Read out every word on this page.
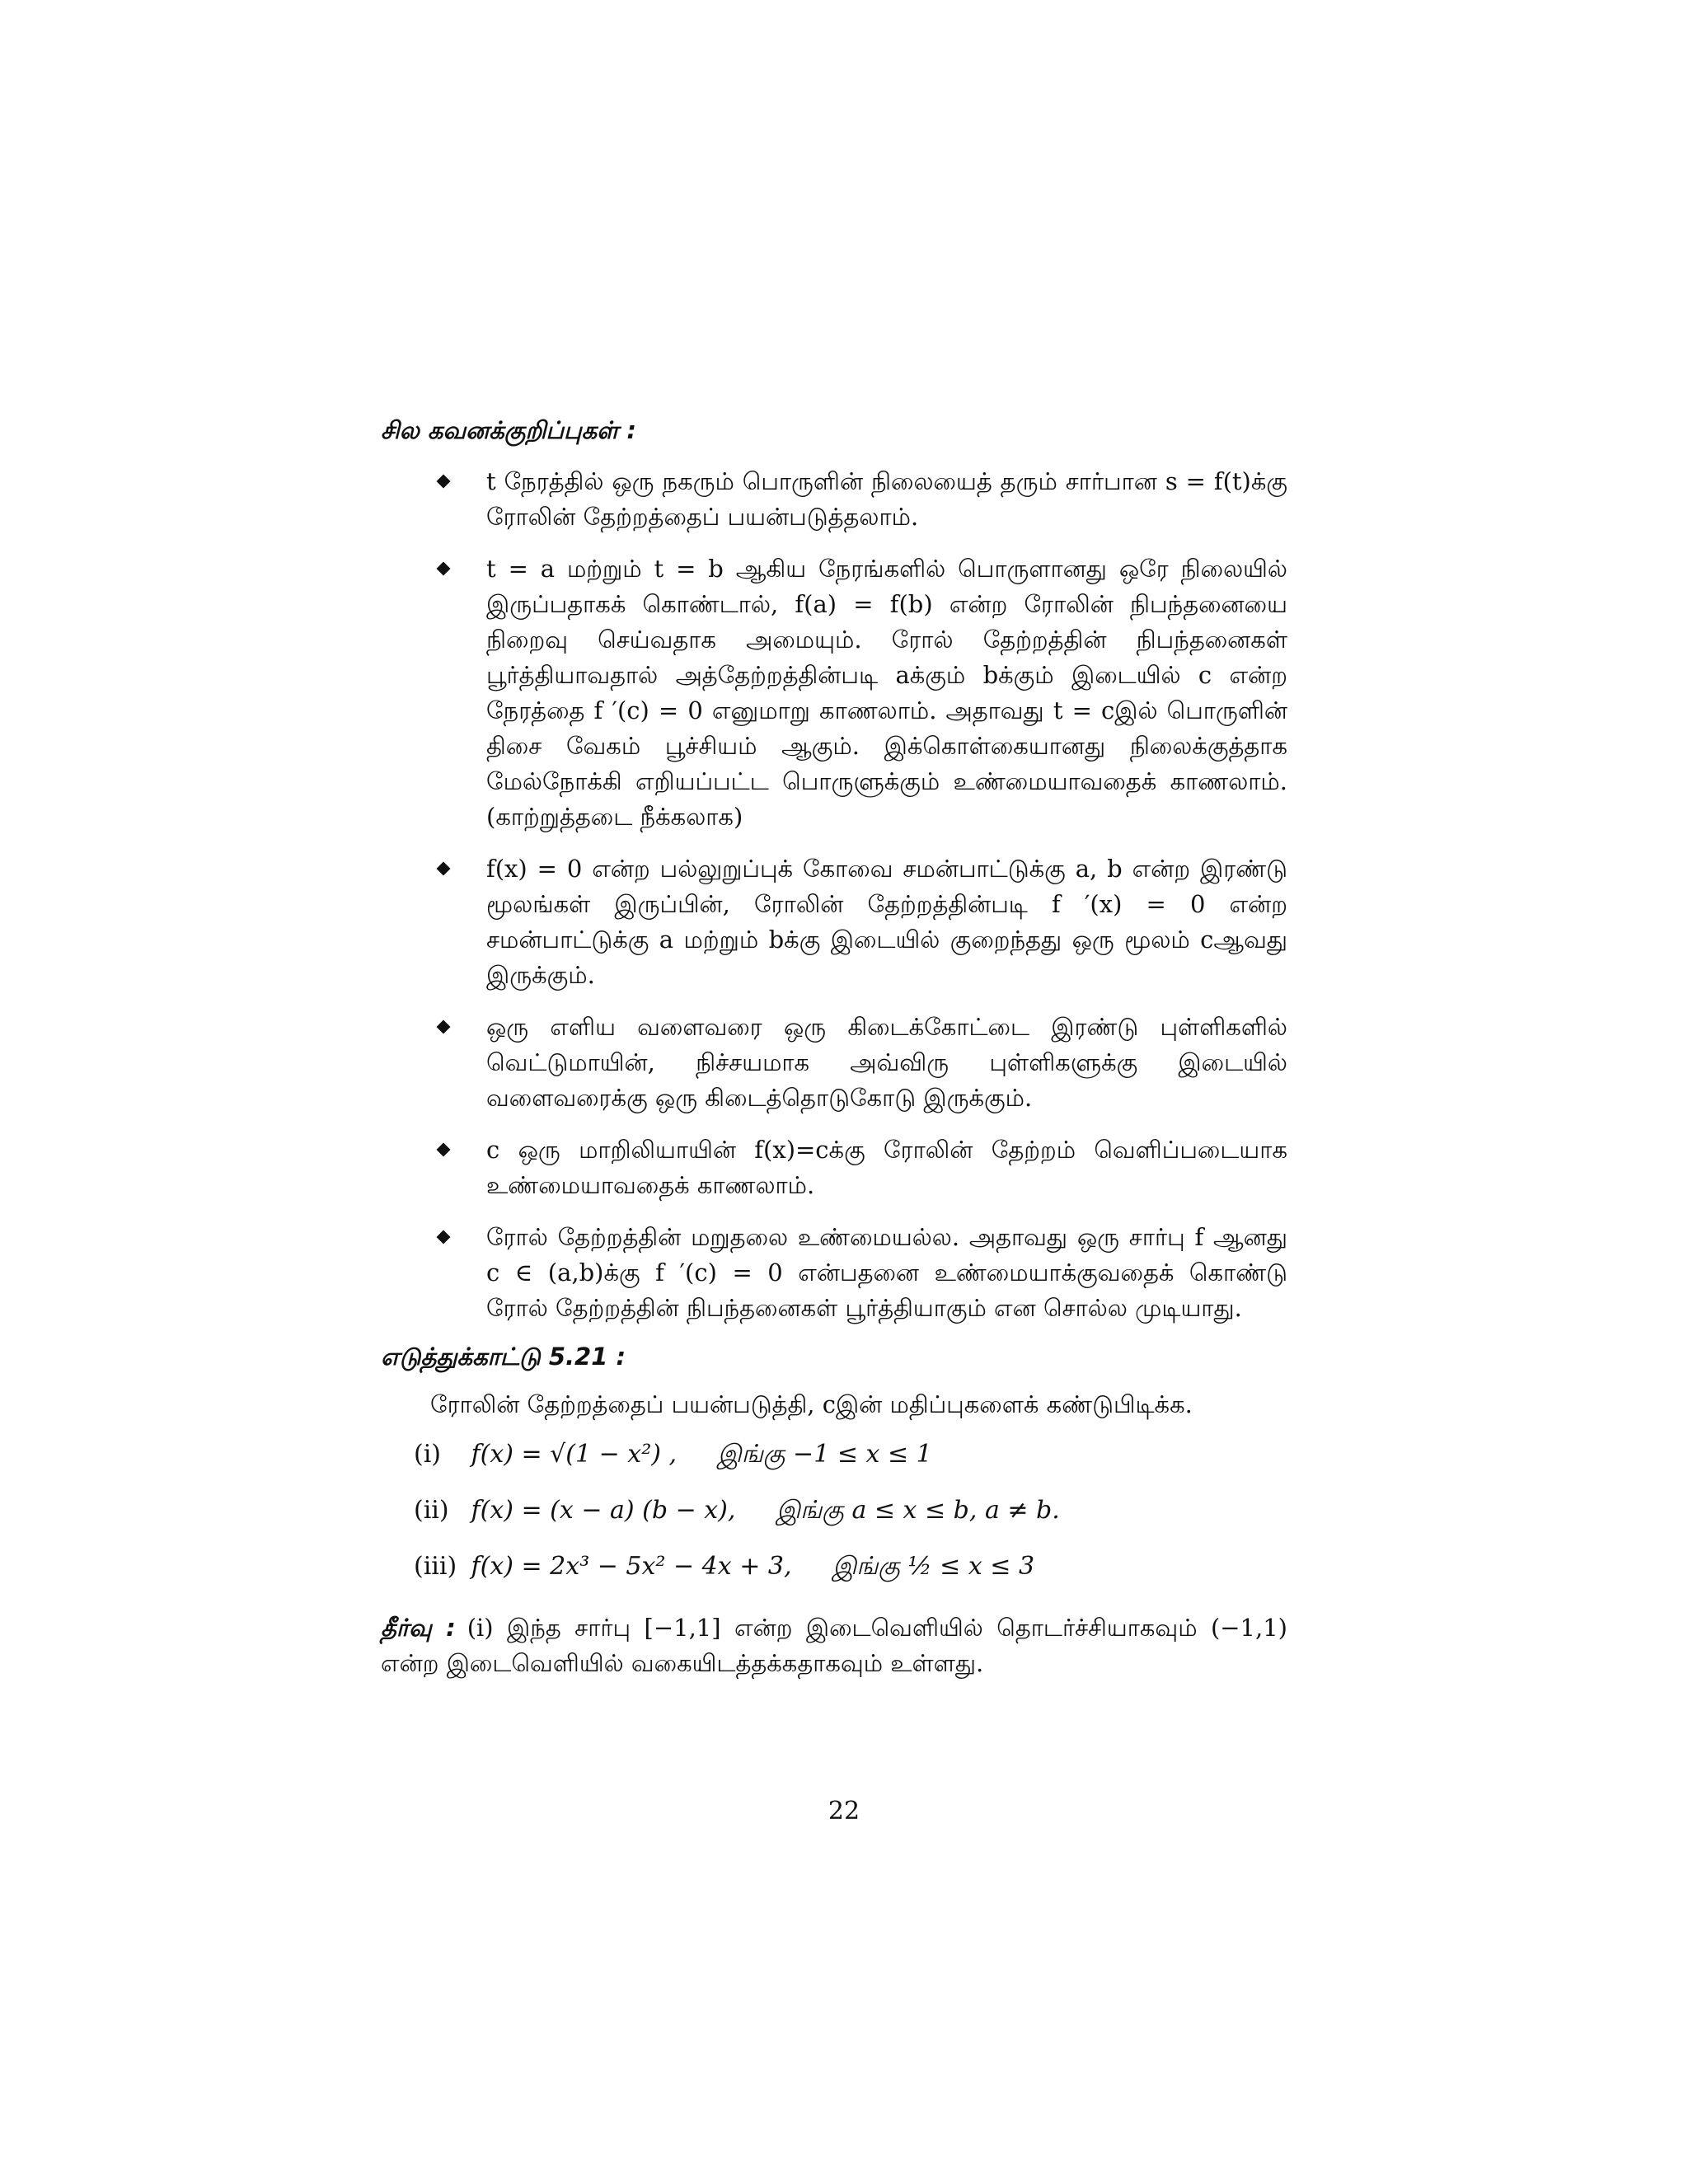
சில கவனக்குறிப்புகள் :
t நேரத்தில் ஒரு நகரும் பொருளின் நிலையைத் தரும் சார்பான s = f(t)க்கு ரோலின் தேற்றத்தைப் பயன்படுத்தலாம்.
t = a மற்றும் t = b ஆகிய நேரங்களில் பொருளானது ஒரே நிலையில் இருப்பதாகக் கொண்டால், f(a) = f(b) என்ற ரோலின் நிபந்தனையை நிறைவு செய்வதாக அமையும். ரோல் தேற்றத்தின் நிபந்தனைகள் பூர்த்தியாவதால் அத்தேற்றத்தின்படி aக்கும் bக்கும் இடையில் c என்ற நேரத்தை f ′(c) = 0 எனுமாறு காணலாம். அதாவது t = cஇல் பொருளின் திசை வேகம் பூச்சியம் ஆகும். இக்கொள்கையானது நிலைக்குத்தாக மேல்நோக்கி எறியப்பட்ட பொருளுக்கும் உண்மையாவதைக் காணலாம். (காற்றுத்தடை நீக்கலாக)
f(x) = 0 என்ற பல்லுறுப்புக் கோவை சமன்பாட்டுக்கு a, b என்ற இரண்டு மூலங்கள் இருப்பின், ரோலின் தேற்றத்தின்படி f ′(x) = 0 என்ற சமன்பாட்டுக்கு a மற்றும் bக்கு இடையில் குறைந்தது ஒரு மூலம் cஆவது இருக்கும்.
ஒரு எளிய வளைவரை ஒரு கிடைக்கோட்டை இரண்டு புள்ளிகளில் வெட்டுமாயின், நிச்சயமாக அவ்விரு புள்ளிகளுக்கு இடையில் வளைவரைக்கு ஒரு கிடைத்தொடுகோடு இருக்கும்.
c ஒரு மாறிலியாயின் f(x)=cக்கு ரோலின் தேற்றம் வெளிப்படையாக உண்மையாவதைக் காணலாம்.
ரோல் தேற்றத்தின் மறுதலை உண்மையல்ல. அதாவது ஒரு சார்பு f ஆனது c ∈ (a,b)க்கு f ′(c) = 0 என்பதனை உண்மையாக்குவதைக் கொண்டு ரோல் தேற்றத்தின் நிபந்தனைகள் பூர்த்தியாகும் என சொல்ல முடியாது.
எடுத்துக்காட்டு 5.21 :
ரோலின் தேற்றத்தைப் பயன்படுத்தி, cஇன் மதிப்புகளைக் கண்டுபிடிக்க.
(i) f(x) = √(1 − x²) , இங்கு −1 ≤ x ≤ 1
(ii) f(x) = (x − a) (b − x), இங்கு a ≤ x ≤ b, a ≠ b.
(iii) f(x) = 2x³ − 5x² − 4x + 3, இங்கு ½ ≤ x ≤ 3
தீர்வு : (i) இந்த சார்பு [−1,1] என்ற இடைவெளியில் தொடர்ச்சியாகவும் (−1,1) என்ற இடைவெளியில் வகையிடத்தக்கதாகவும் உள்ளது.
22
